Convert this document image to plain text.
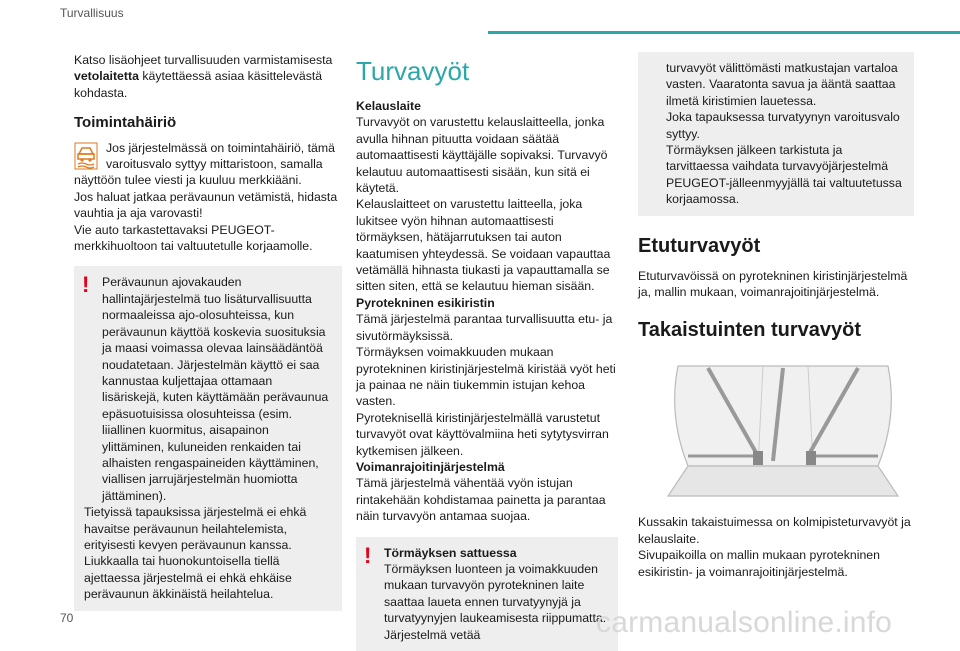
Turvallisuus

Katso lisäohjeet turvallisuuden varmistamisesta vetolaitetta käytettäessä asiaa käsittelevästä kohdasta.

Toimintahäiriö

Jos järjestelmässä on toimintahäiriö, tämä varoitusvalo syttyy mittaristoon, samalla näyttöön tulee viesti ja kuuluu merkkiääni.

Jos haluat jatkaa perävaunun vetämistä, hidasta vauhtia ja aja varovasti!

Vie auto tarkastettavaksi PEUGEOT-merkkihuoltoon tai valtuutetulle korjaamolle.

!	Perävaunun ajovakauden hallintajärjestelmä tuo lisäturvallisuutta normaaleissa ajo-olosuhteissa, kun perävaunun käyttöä koskevia suosituksia ja maasi voimassa olevaa lainsäädäntöä noudatetaan. Järjestelmän käyttö ei saa kannustaa kuljettajaa ottamaan lisäriskejä, kuten käyttämään perävaunua epäsuotuisissa olosuhteissa (esim. liiallinen kuormitus, aisapainon ylittäminen, kuluneiden renkaiden tai alhaisten rengaspaineiden käyttäminen, viallisen jarrujärjestelmän huomiotta jättäminen).

Tietyissä tapauksissa järjestelmä ei ehkä havaitse perävaunun heilahtelemista, erityisesti kevyen perävaunun kanssa.

Liukkaalla tai huonokuntoisella tiellä ajettaessa järjestelmä ei ehkä ehkäise perävaunun äkkinäistä heilahtelua.

Turvavyöt

Kelauslaite

Turvavyöt on varustettu kelauslaitteella, jonka avulla hihnan pituutta voidaan säätää automaattisesti käyttäjälle sopivaksi. Turvavyö kelautuu automaattisesti sisään, kun sitä ei käytetä.

Kelauslaitteet on varustettu laitteella, joka lukitsee vyön hihnan automaattisesti törmäyksen, hätäjarrutuksen tai auton kaatumisen yhteydessä. Se voidaan vapauttaa vetämällä hihnasta tiukasti ja vapauttamalla se sitten siten, että se kelautuu hieman sisään.

Pyrotekninen esikiristin

Tämä järjestelmä parantaa turvallisuutta etu- ja sivutörmäyksissä.

Törmäyksen voimakkuuden mukaan pyrotekninen kiristinjärjestelmä kiristää vyöt heti ja painaa ne näin tiukemmin istujan kehoa vasten.

Pyroteknisellä kiristinjärjestelmällä varustetut turvavyöt ovat käyttövalmiina heti sytytysvirran kytkemisen jälkeen.

Voimanrajoitinjärjestelmä

Tämä järjestelmä vähentää vyön istujan rintakehään kohdistamaa painetta ja parantaa näin turvavyön antamaa suojaa.

!	Törmäyksen sattuessa

Törmäyksen luonteen ja voimakkuuden mukaan turvavyön pyrotekninen laite saattaa laueta ennen turvatyynyjä ja turvatyynyjen laukeamisesta riippumatta. Järjestelmä vetää

turvavyöt välittömästi matkustajan vartaloa vasten. Vaaratonta savua ja ääntä saattaa ilmetä kiristimien lauetessa.

Joka tapauksessa turvatyynyn varoitusvalo syttyy.

Törmäyksen jälkeen tarkistuta ja tarvittaessa vaihdata turvavyöjärjestelmä PEUGEOT-jälleenmyyjällä tai valtuutetussa korjaamossa.

Etuturvavyöt

Etuturvavöissä on pyrotekninen kiristinjärjestelmä ja, mallin mukaan, voimanrajoitinjärjestelmä.

Takaistuinten turvavyöt

Kussakin takaistuimessa on kolmipisteturvavyöt ja kelauslaite.

Sivupaikoilla on mallin mukaan pyrotekninen esikiristin- ja voimanrajoitinjärjestelmä.

70	carmanualsonline.info
